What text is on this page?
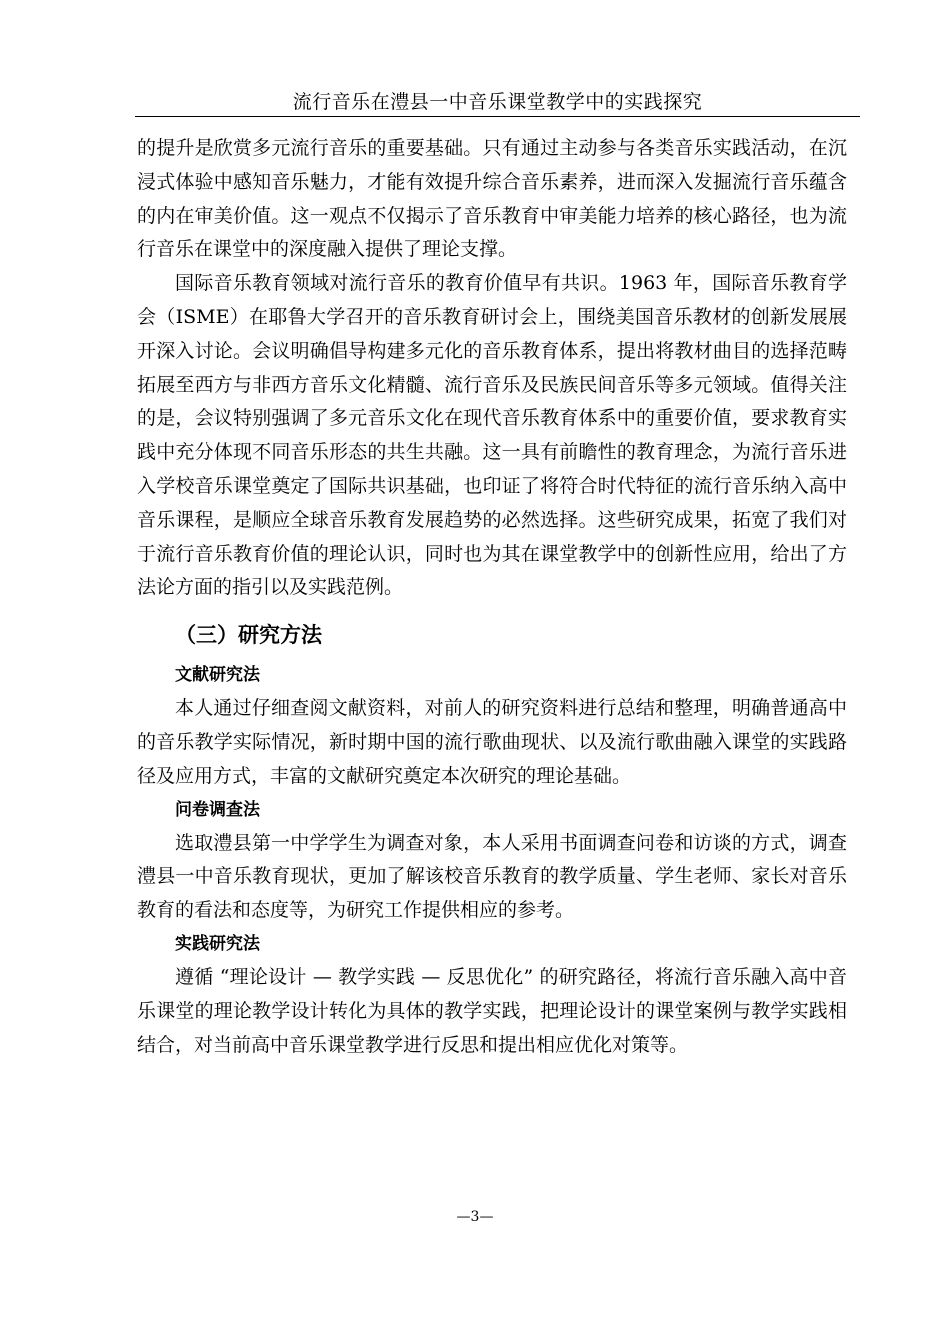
流行音乐在澧县一中音乐课堂教学中的实践探究

的提升是欣赏多元流行音乐的重要基础。只有通过主动参与各类音乐实践活动，在沉浸式体验中感知音乐魅力，才能有效提升综合音乐素养，进而深入发掘流行音乐蕴含的内在审美价值。这一观点不仅揭示了音乐教育中审美能力培养的核心路径，也为流行音乐在课堂中的深度融入提供了理论支撑。

国际音乐教育领域对流行音乐的教育价值早有共识。1963 年，国际音乐教育学会（ISME）在耶鲁大学召开的音乐教育研讨会上，围绕美国音乐教材的创新发展展开深入讨论。会议明确倡导构建多元化的音乐教育体系，提出将教材曲目的选择范畴拓展至西方与非西方音乐文化精髓、流行音乐及民族民间音乐等多元领域。值得关注的是，会议特别强调了多元音乐文化在现代音乐教育体系中的重要价值，要求教育实践中充分体现不同音乐形态的共生共融。这一具有前瞻性的教育理念，为流行音乐进入学校音乐课堂奠定了国际共识基础，也印证了将符合时代特征的流行音乐纳入高中音乐课程，是顺应全球音乐教育发展趋势的必然选择。这些研究成果，拓宽了我们对于流行音乐教育价值的理论认识，同时也为其在课堂教学中的创新性应用，给出了方法论方面的指引以及实践范例。

（三）研究方法
文献研究法

本人通过仔细查阅文献资料，对前人的研究资料进行总结和整理，明确普通高中的音乐教学实际情况，新时期中国的流行歌曲现状、以及流行歌曲融入课堂的实践路径及应用方式，丰富的文献研究奠定本次研究的理论基础。

问卷调查法

选取澧县第一中学学生为调查对象，本人采用书面调查问卷和访谈的方式，调查澧县一中音乐教育现状，更加了解该校音乐教育的教学质量、学生老师、家长对音乐教育的看法和态度等，为研究工作提供相应的参考。

实践研究法

遵循 “理论设计 — 教学实践 — 反思优化” 的研究路径，将流行音乐融入高中音乐课堂的理论教学设计转化为具体的教学实践，把理论设计的课堂案例与教学实践相结合，对当前高中音乐课堂教学进行反思和提出相应优化对策等。

—3—
